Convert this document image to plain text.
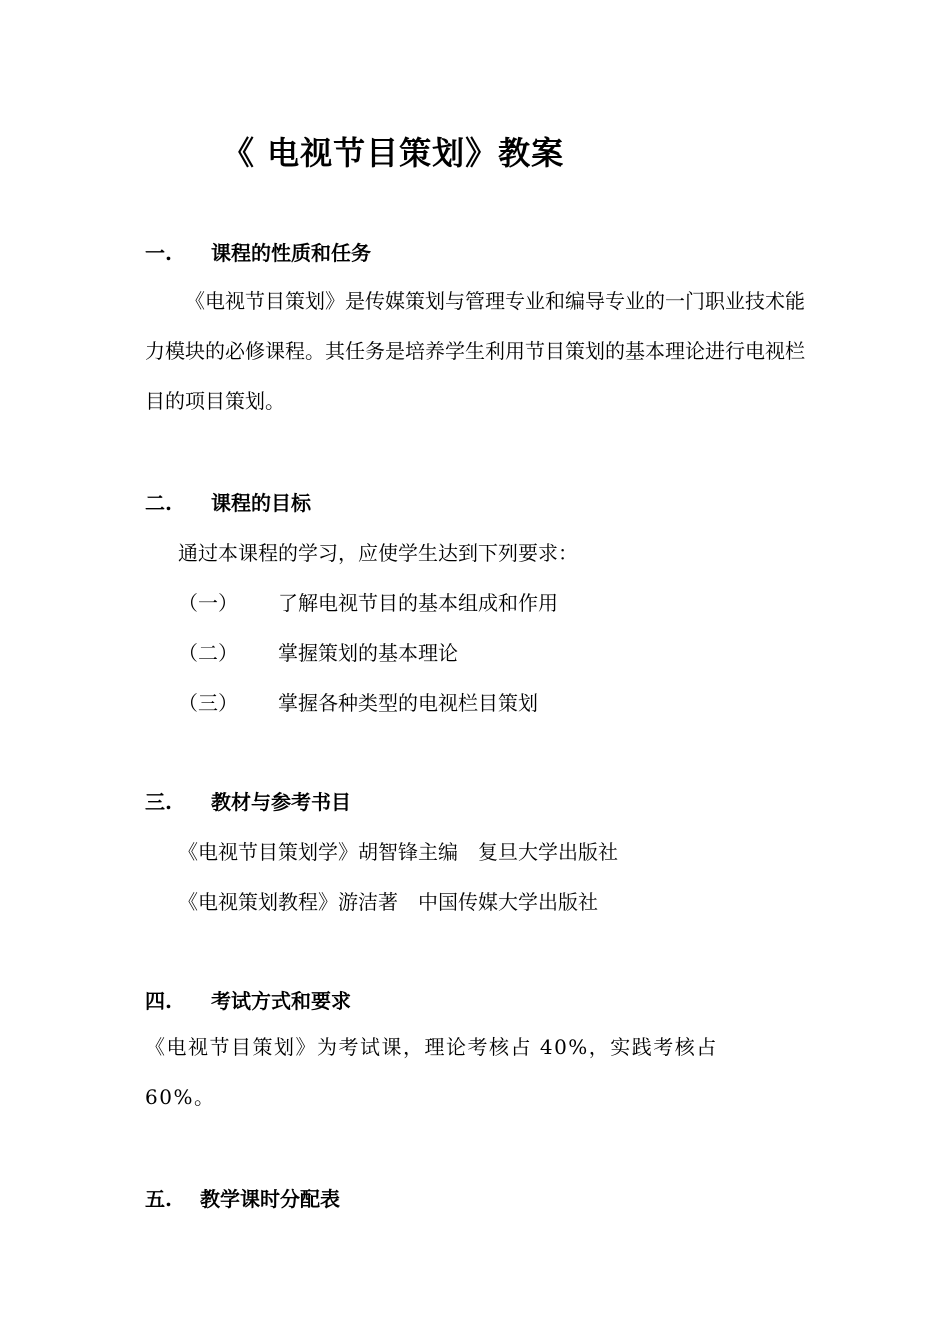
《 电视节目策划》教案
一. 课程的性质和任务

《电视节目策划》是传媒策划与管理专业和编导专业的一门职业技术能力模块的必修课程。其任务是培养学生利用节目策划的基本理论进行电视栏目的项目策划。

二. 课程的目标
通过本课程的学习，应使学生达到下列要求：
（一） 了解电视节目的基本组成和作用
（二） 掌握策划的基本理论
（三） 掌握各种类型的电视栏目策划
三. 教材与参考书目
《电视节目策划学》胡智锋主编　复旦大学出版社
《电视策划教程》游洁著　中国传媒大学出版社
四. 考试方式和要求

《电视节目策划》为考试课，理论考核占 40%，实践考核占 60%。

五. 教学课时分配表
